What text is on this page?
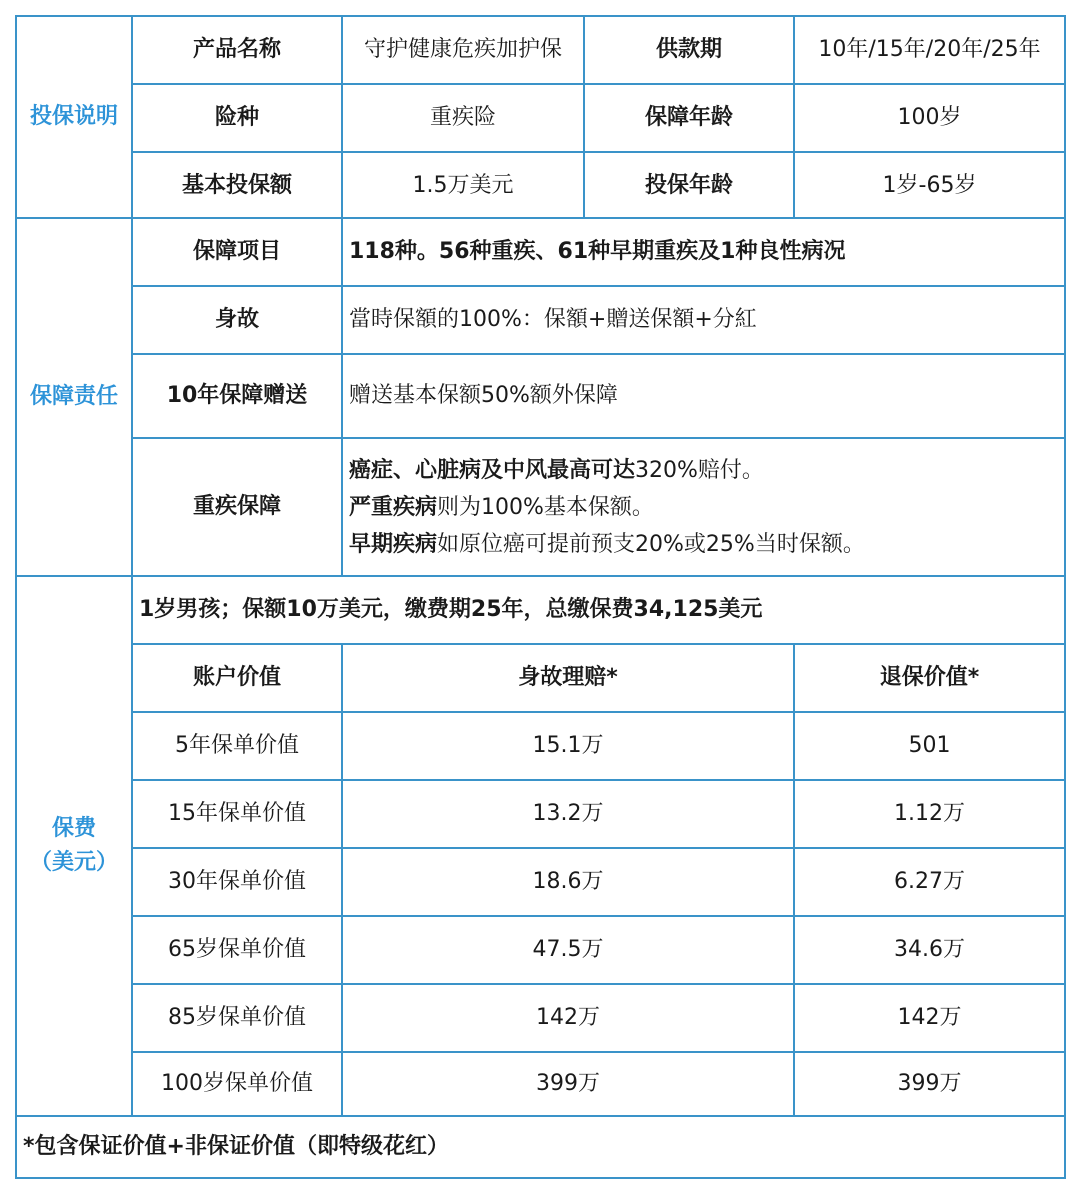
投保说明
保障责任
保费
（美元）
产品名称	守护健康危疾加护保	供款期	10年/15年/20年/25年
险种	重疾险	保障年龄	100岁
基本投保额	1.5万美元	投保年龄	1岁-65岁
保障项目	118种。56种重疾、61种早期重疾及1种良性病况
身故	當時保額的100%：保額+贈送保額+分紅
10年保障赠送	赠送基本保额50%额外保障
重疾保障
癌症、心脏病及中风最高可达320%赔付。
严重疾病则为100%基本保额。
早期疾病如原位癌可提前预支20%或25%当时保额。
1岁男孩；保额10万美元，缴费期25年，总缴保费34,125美元
账户价值	身故理赔*	退保价值*
5年保单价值	15.1万	501
15年保单价值	13.2万	1.12万
30年保单价值	18.6万	6.27万
65岁保单价值	47.5万	34.6万
85岁保单价值	142万	142万
100岁保单价值	399万	399万
*包含保证价值+非保证价值（即特级花红）
